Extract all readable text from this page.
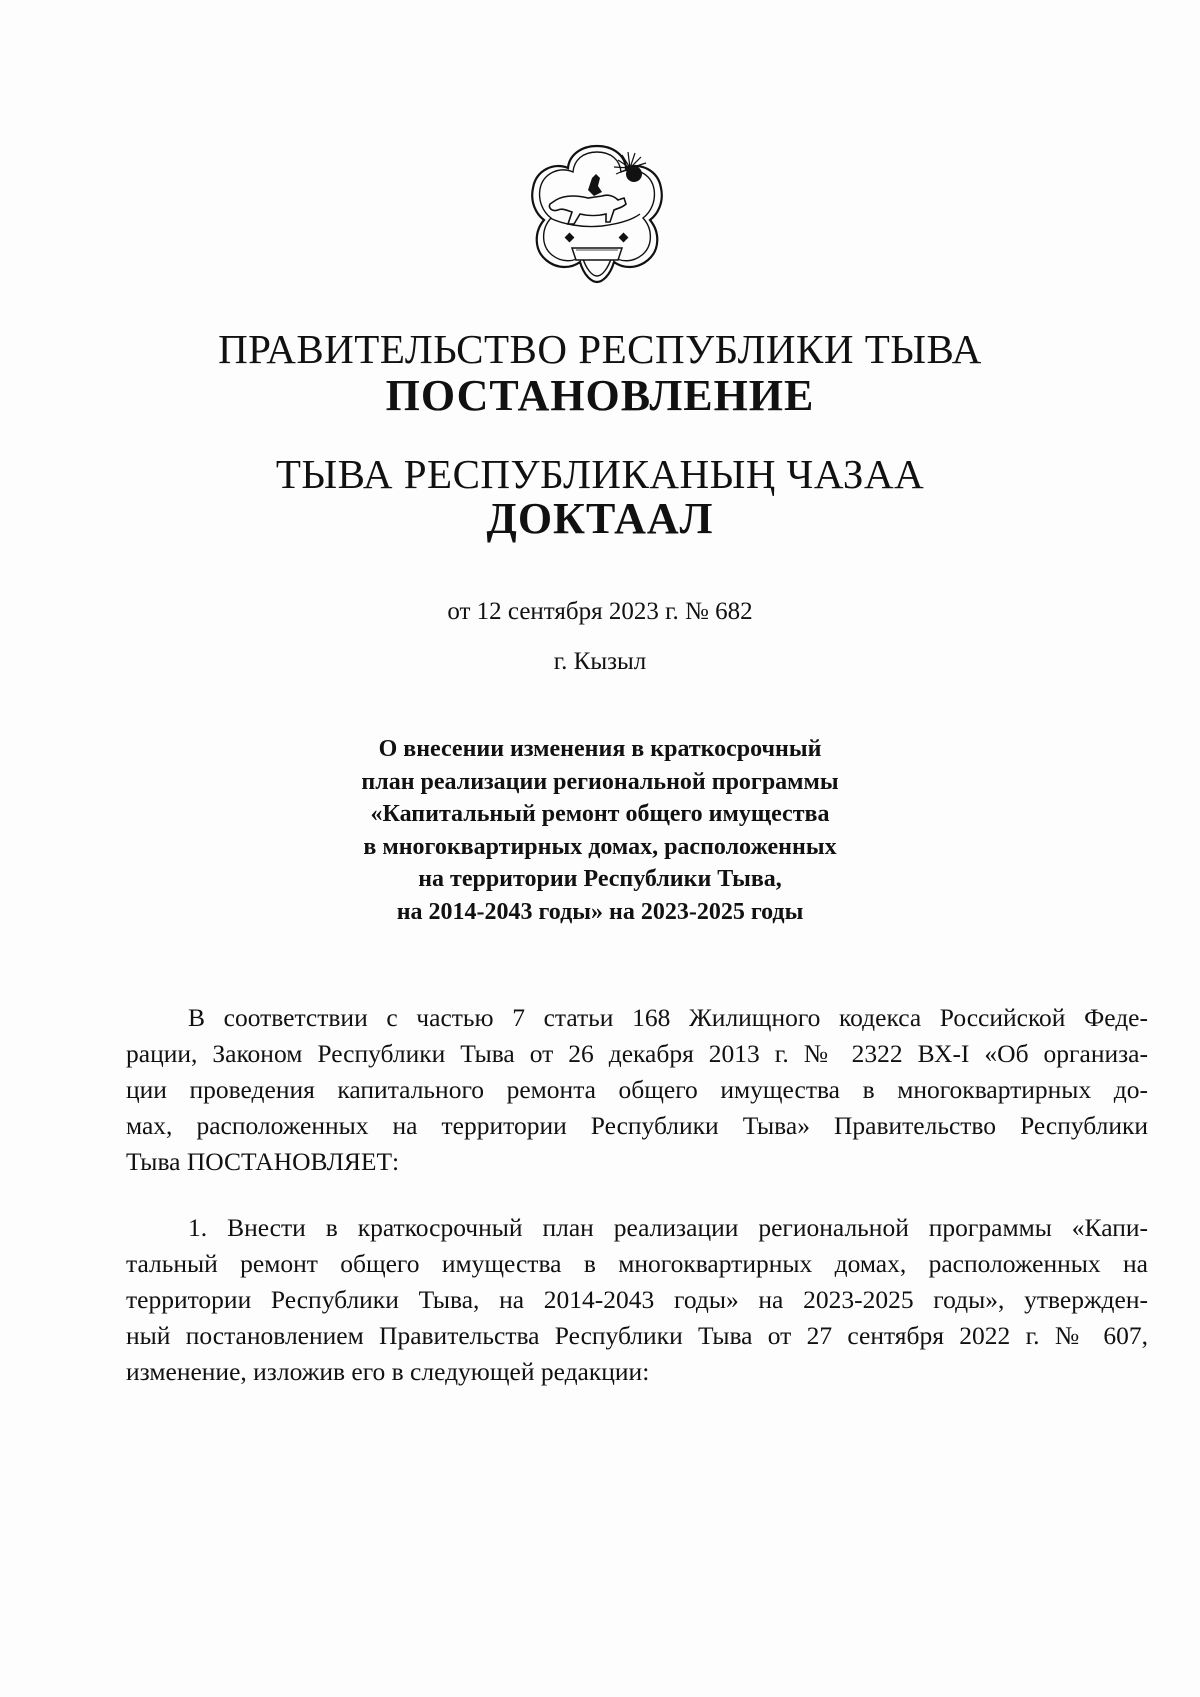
ПРАВИТЕЛЬСТВО РЕСПУБЛИКИ ТЫВА
ПОСТАНОВЛЕНИЕ
ТЫВА РЕСПУБЛИКАНЫҢ ЧАЗАА
ДОКТААЛ
от 12 сентября 2023 г. № 682
г. Кызыл
О внесении изменения в краткосрочный
план реализации региональной программы
«Капитальный ремонт общего имущества
в многоквартирных домах, расположенных
на территории Республики Тыва,
на 2014-2043 годы» на 2023-2025 годы
В соответствии с частью 7 статьи 168 Жилищного кодекса Российской Феде-
рации, Законом Республики Тыва от 26 декабря 2013 г. № 2322 ВХ-I «Об организа-
ции проведения капитального ремонта общего имущества в многоквартирных до-
мах, расположенных на территории Республики Тыва» Правительство Республики
Тыва ПОСТАНОВЛЯЕТ:
1. Внести в краткосрочный план реализации региональной программы «Капи-
тальный ремонт общего имущества в многоквартирных домах, расположенных на
территории Республики Тыва, на 2014-2043 годы» на 2023-2025 годы», утвержден-
ный постановлением Правительства Республики Тыва от 27 сентября 2022 г. № 607,
изменение, изложив его в следующей редакции:
